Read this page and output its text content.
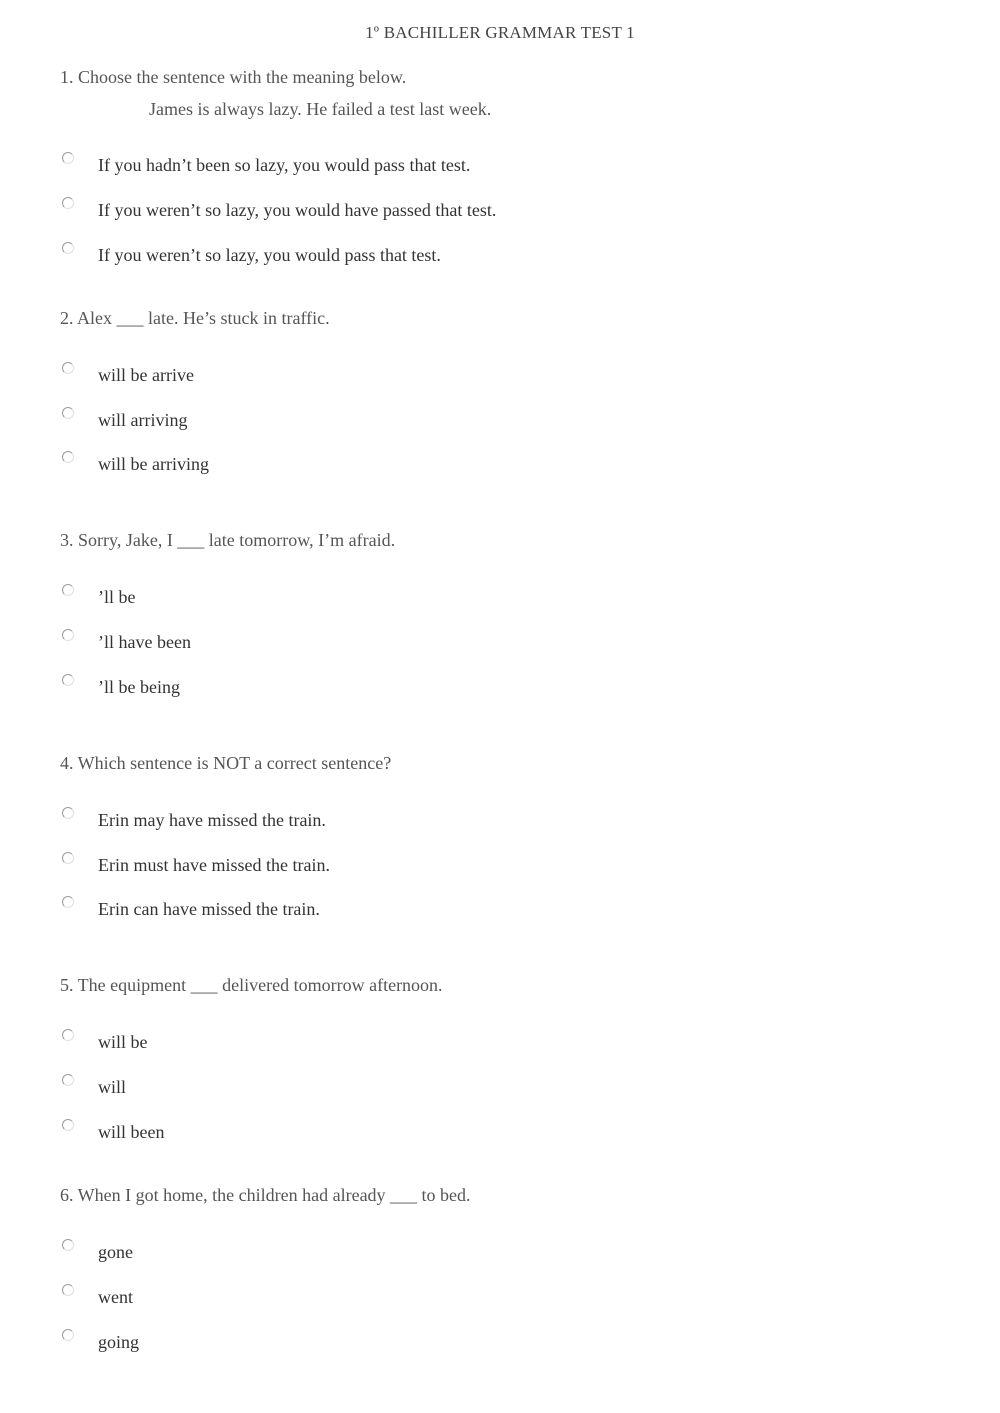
1º BACHILLER GRAMMAR TEST 1
1. Choose the sentence with the meaning below.
James is always lazy. He failed a test last week.
If you hadn’t been so lazy, you would pass that test.
If you weren’t so lazy, you would have passed that test.
If you weren’t so lazy, you would pass that test.
2. Alex ___ late. He’s stuck in traffic.
will be arrive
will arriving
will be arriving
3. Sorry, Jake, I ___ late tomorrow, I’m afraid.
’ll be
’ll have been
’ll be being
4. Which sentence is NOT a correct sentence?
Erin may have missed the train.
Erin must have missed the train.
Erin can have missed the train.
5. The equipment ___ delivered tomorrow afternoon.
will be
will
will been
6. When I got home, the children had already ___ to bed.
gone
went
going
